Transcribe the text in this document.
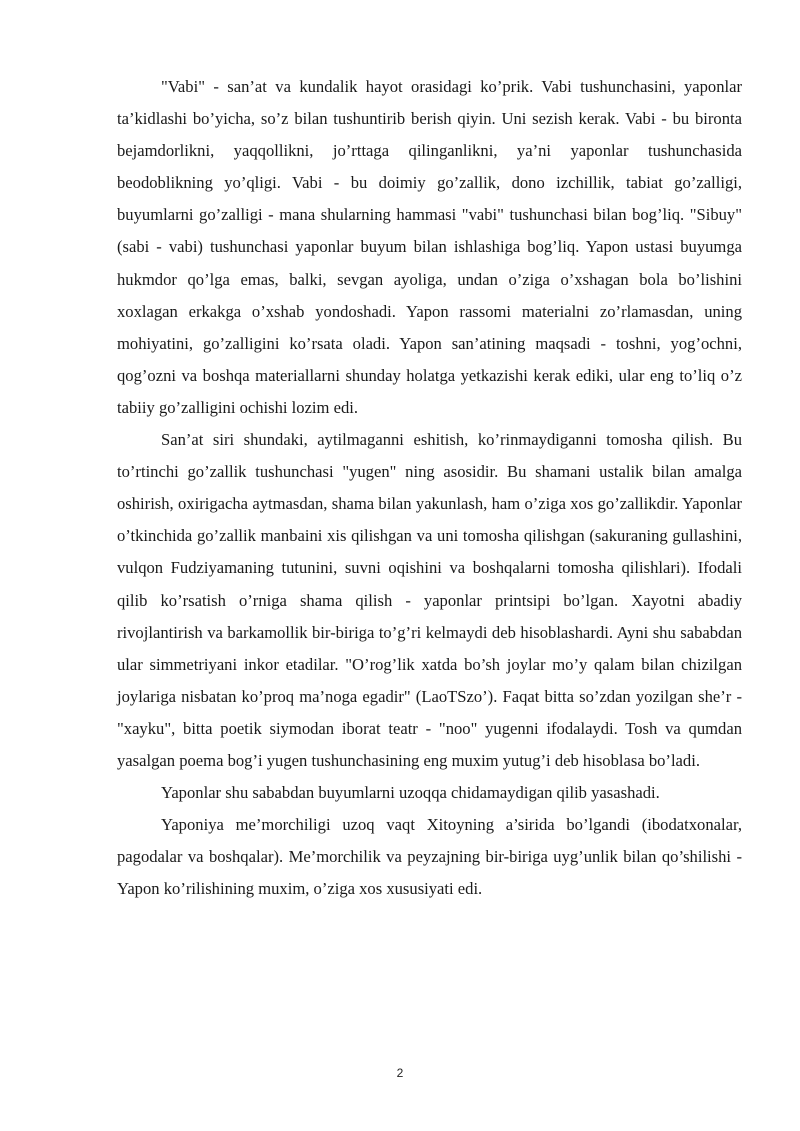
"Vabi" - san’at va kundalik hayot orasidagi ko’prik. Vabi tushunchasini, yaponlar ta’kidlashi bo’yicha, so’z bilan tushuntirib berish qiyin. Uni sezish kerak. Vabi - bu bironta bejamdorlikni, yaqqollikni, jo’rttaga qilinganlikni, ya’ni yaponlar tushunchasida beodoblikning yo’qligi. Vabi - bu doimiy go’zallik, dono izchillik, tabiat go’zalligi, buyumlarni go’zalligi - mana shularning hammasi "vabi" tushunchasi bilan bog’liq. "Sibuy" (sabi - vabi) tushunchasi yaponlar buyum bilan ishlashiga bog’liq. Yapon ustasi buyumga hukmdor qo’lga emas, balki, sevgan ayoliga, undan o’ziga o’xshagan bola bo’lishini xoxlagan erkakga o’xshab yondoshadi. Yapon rassomi materialni zo’rlamasdan, uning mohiyatini, go’zalligini ko’rsata oladi. Yapon san’atining maqsadi - toshni, yog’ochni, qog’ozni va boshqa materiallarni shunday holatga yetkazishi kerak ediki, ular eng to’liq o’z tabiiy go’zalligini ochishi lozim edi.

San’at siri shundaki, aytilmaganni eshitish, ko’rinmaydiganni tomosha qilish. Bu to’rtinchi go’zallik tushunchasi "yugen" ning asosidir. Bu shamani ustalik bilan amalga oshirish, oxirigacha aytmasdan, shama bilan yakunlash, ham o’ziga xos go’zallikdir. Yaponlar o’tkinchida go’zallik manbaini xis qilishgan va uni tomosha qilishgan (sakuraning gullashini, vulqon Fudziyamaning tutunini, suvni oqishini va boshqalarni tomosha qilishlari). Ifodali qilib ko’rsatish o’rniga shama qilish - yaponlar printsipi bo’lgan. Xayotni abadiy rivojlantirish va barkamollik bir-biriga to’g’ri kelmaydi deb hisoblashardi. Ayni shu sababdan ular simmetriyani inkor etadilar. "O’rog’lik xatda bo’sh joylar mo’y qalam bilan chizilgan joylariga nisbatan ko’proq ma’noga egadir" (LaoTSzo’). Faqat bitta so’zdan yozilgan she’r - "xayku", bitta poetik siymodan iborat teatr - "noo" yugenni ifodalaydi. Tosh va qumdan yasalgan poema bog’i yugen tushunchasining eng muxim yutug’i deb hisoblasa bo’ladi.

Yaponlar shu sababdan buyumlarni uzoqqa chidamaydigan qilib yasashadi.

Yaponiya me’morchiligi uzoq vaqt Xitoyning a’sirida bo’lgandi (ibodatxonalar, pagodalar va boshqalar). Me’morchilik va peyzajning bir-biriga uyg’unlik bilan qo’shilishi - Yapon ko’rilishining muxim, o’ziga xos xususiyati edi.

2
